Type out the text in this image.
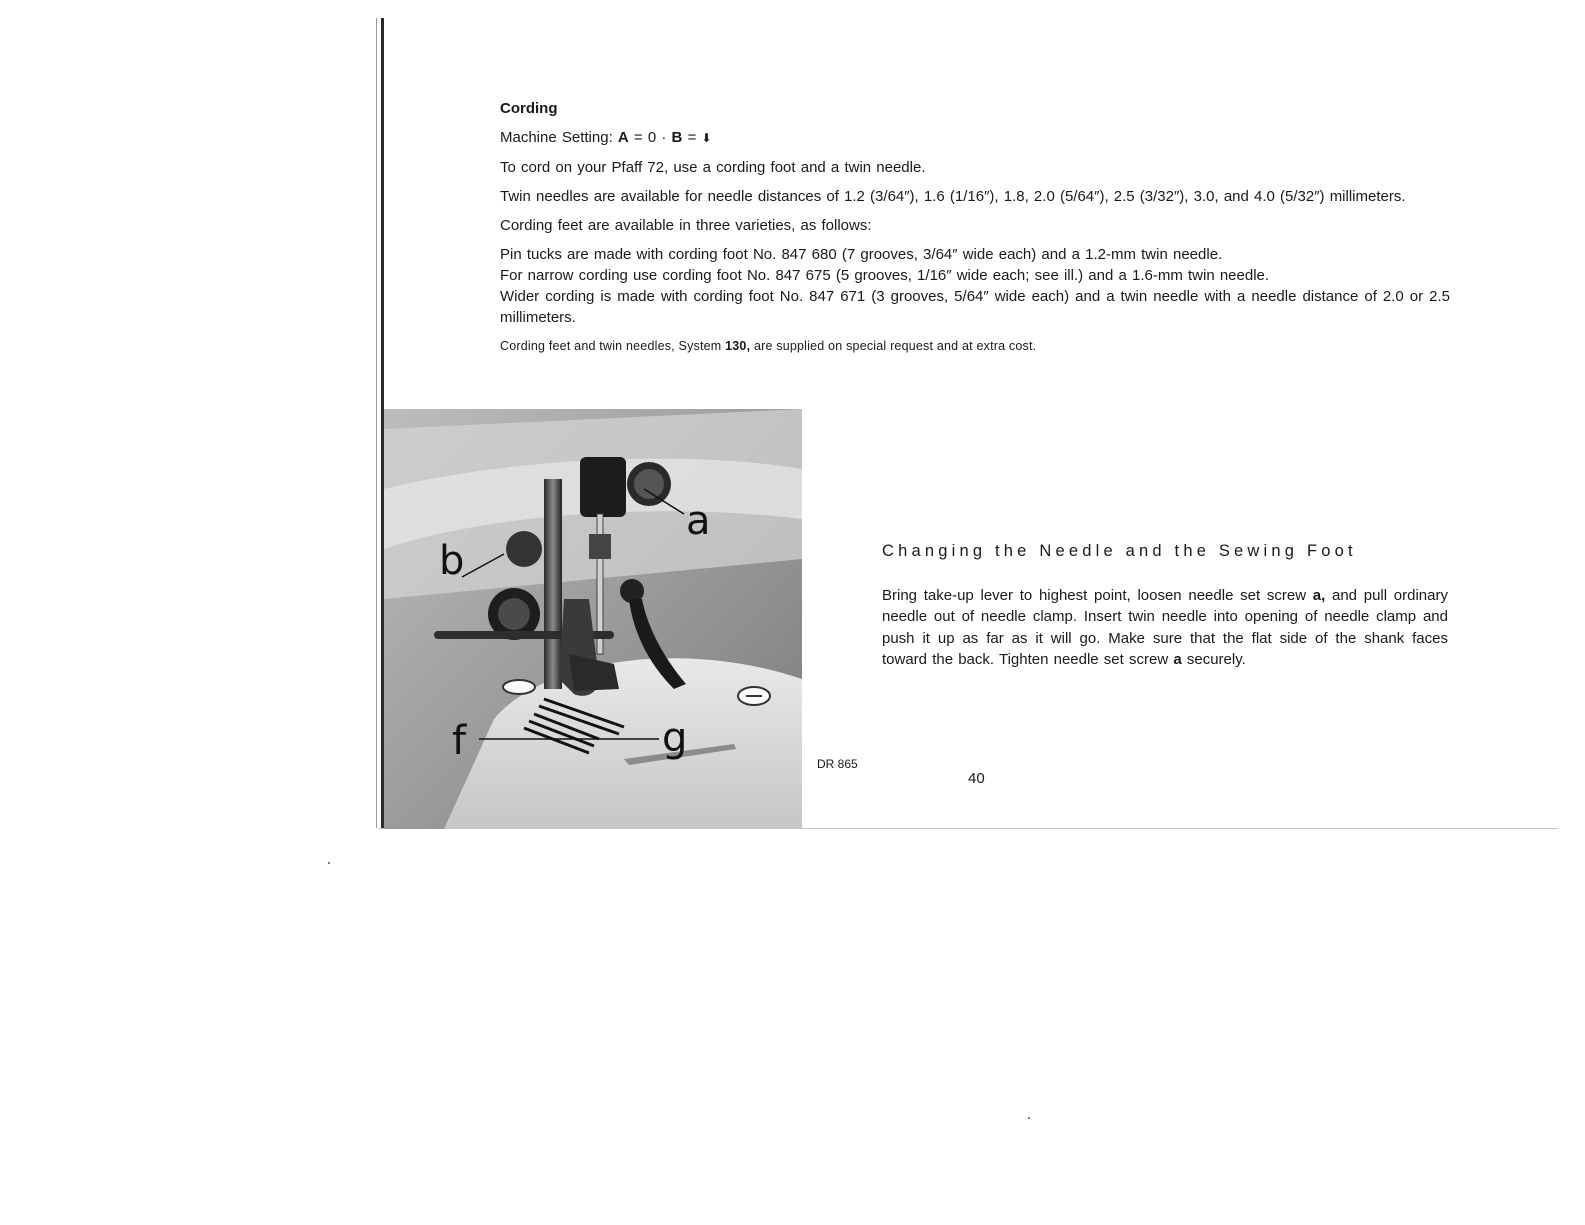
Cording
Machine Setting: A = 0 · B = ⬇
To cord on your Pfaff 72, use a cording foot and a twin needle.
Twin needles are available for needle distances of 1.2 (3/64″), 1.6 (1/16″), 1.8, 2.0 (5/64″), 2.5 (3/32″), 3.0, and 4.0 (5/32″) millimeters.
Cording feet are available in three varieties, as follows:
Pin tucks are made with cording foot No. 847 680 (7 grooves, 3/64″ wide each) and a 1.2-mm twin needle.
For narrow cording use cording foot No. 847 675 (5 grooves, 1/16″ wide each; see ill.) and a 1.6-mm twin needle.
Wider cording is made with cording foot No. 847 671 (3 grooves, 5/64″ wide each) and a twin needle with a needle distance of 2.0 or 2.5 millimeters.
Cording feet and twin needles, System 130, are supplied on special request and at extra cost.
a
b
f	g
DR 865
Changing the Needle and the Sewing Foot

Bring take-up lever to highest point, loosen needle set screw a, and pull ordinary needle out of needle clamp. Insert twin needle into opening of needle clamp and push it up as far as it will go. Make sure that the flat side of the shank faces toward the back. Tighten needle set screw a securely.

40
